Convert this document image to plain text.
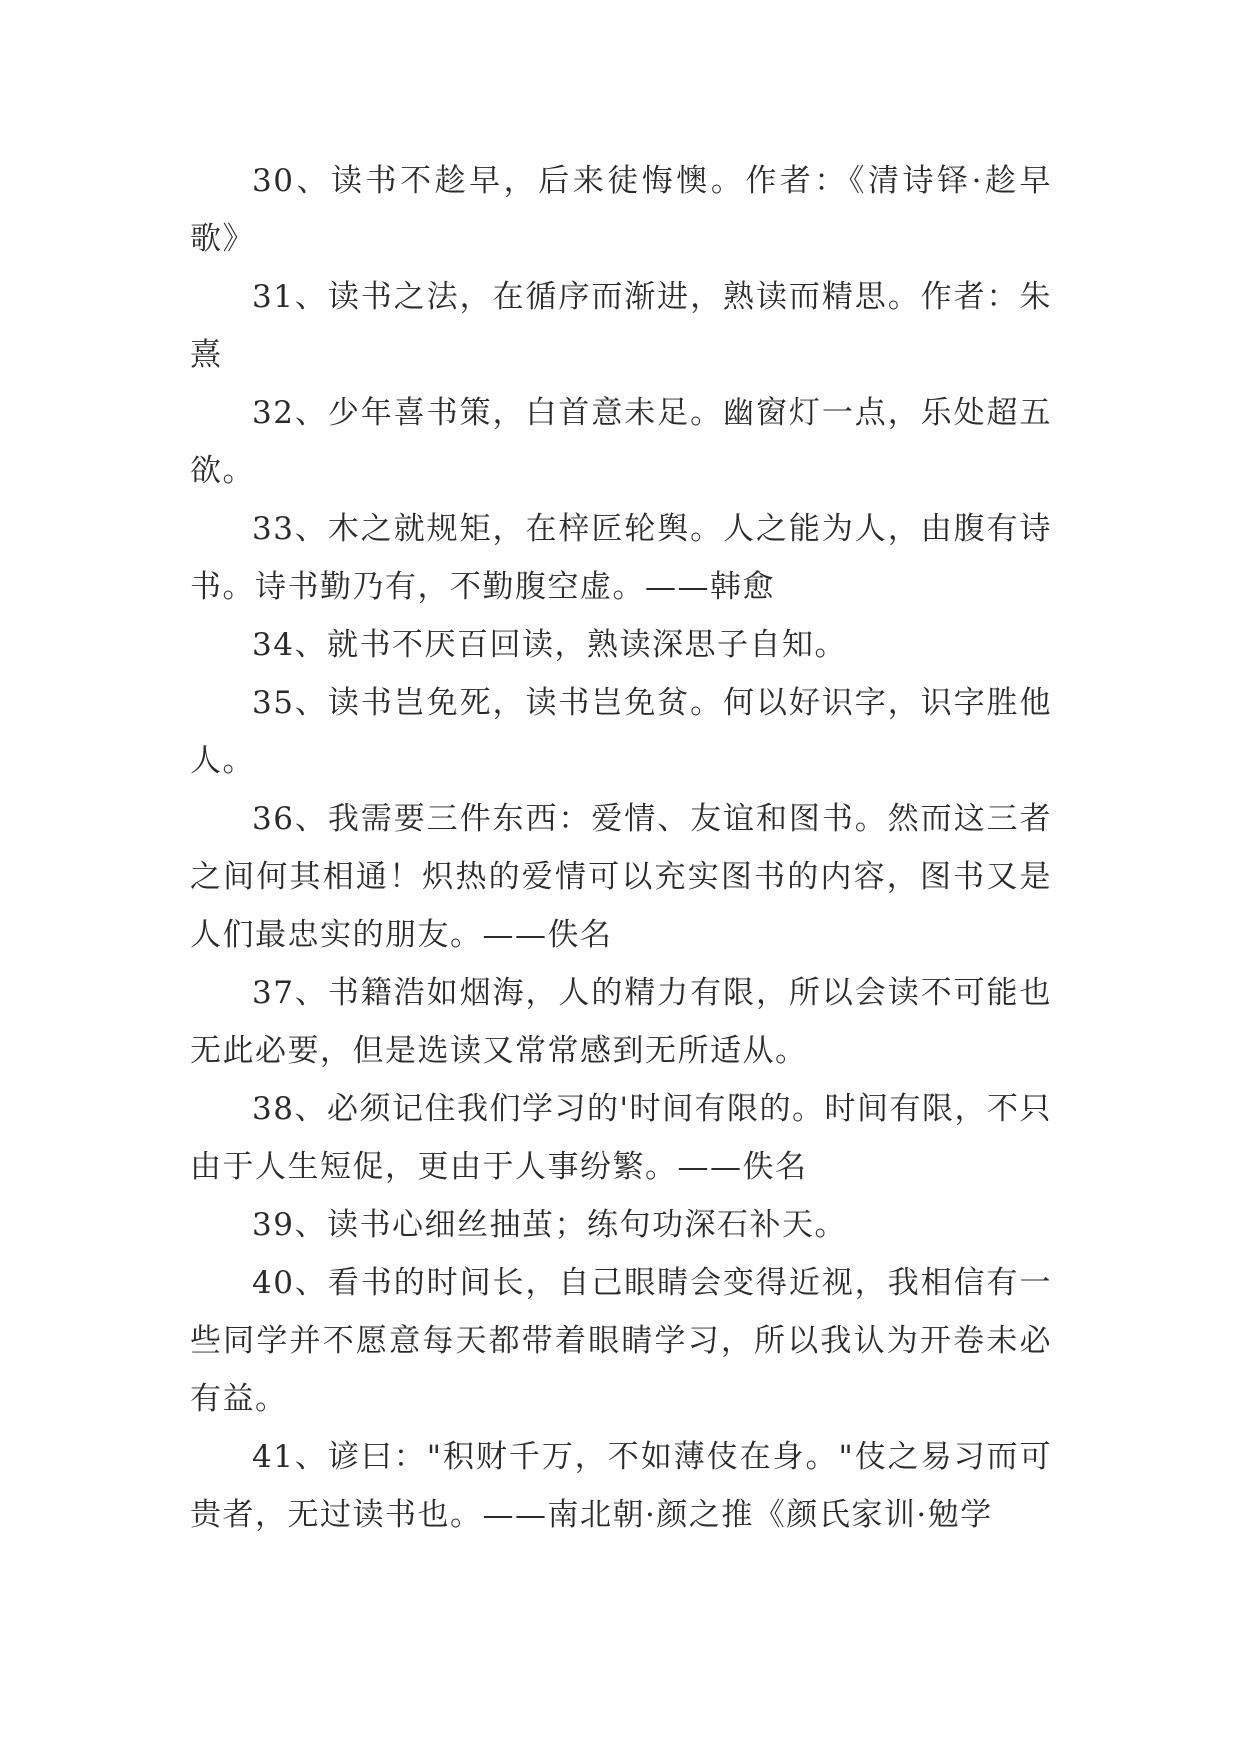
30、读书不趁早，后来徒悔懊。作者：《清诗铎·趁早歌》

31、读书之法，在循序而渐进，熟读而精思。作者：朱熹

32、少年喜书策，白首意未足。幽窗灯一点，乐处超五欲。

33、木之就规矩，在梓匠轮舆。人之能为人，由腹有诗书。诗书勤乃有，不勤腹空虚。——韩愈

34、就书不厌百回读，熟读深思子自知。

35、读书岂免死，读书岂免贫。何以好识字，识字胜他人。

36、我需要三件东西：爱情、友谊和图书。然而这三者之间何其相通！炽热的爱情可以充实图书的内容，图书又是人们最忠实的朋友。——佚名

37、书籍浩如烟海，人的精力有限，所以会读不可能也无此必要，但是选读又常常感到无所适从。

38、必须记住我们学习的'时间有限的。时间有限，不只由于人生短促，更由于人事纷繁。——佚名

39、读书心细丝抽茧；练句功深石补天。

40、看书的时间长，自己眼睛会变得近视，我相信有一些同学并不愿意每天都带着眼睛学习，所以我认为开卷未必有益。

41、谚曰："积财千万，不如薄伎在身。"伎之易习而可贵者，无过读书也。——南北朝·颜之推《颜氏家训·勉学
